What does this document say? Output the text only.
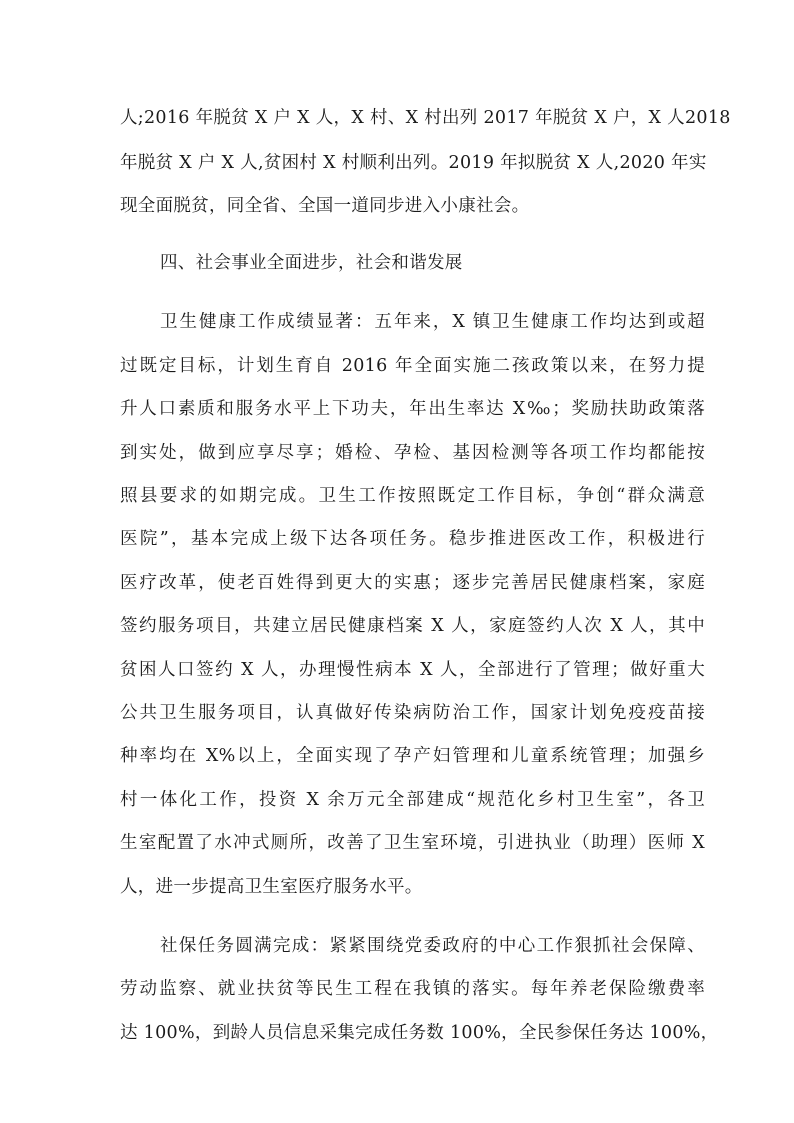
人;2016 年脱贫 X 户 X 人，X 村、X 村出列 2017 年脱贫 X 户，X 人2018
年脱贫 X 户 X 人,贫困村 X 村顺利出列。2019 年拟脱贫 X 人,2020 年实
现全面脱贫，同全省、全国一道同步进入小康社会。
四、社会事业全面进步，社会和谐发展
卫生健康工作成绩显著：五年来，X 镇卫生健康工作均达到或超
过既定目标，计划生育自 2016 年全面实施二孩政策以来，在努力提
升人口素质和服务水平上下功夫，年出生率达 X‰；奖励扶助政策落
到实处，做到应享尽享；婚检、孕检、基因检测等各项工作均都能按
照县要求的如期完成。卫生工作按照既定工作目标，争创“群众满意
医院”，基本完成上级下达各项任务。稳步推进医改工作，积极进行
医疗改革，使老百姓得到更大的实惠；逐步完善居民健康档案，家庭
签约服务项目，共建立居民健康档案 X 人，家庭签约人次 X 人，其中
贫困人口签约 X 人，办理慢性病本 X 人，全部进行了管理；做好重大
公共卫生服务项目，认真做好传染病防治工作，国家计划免疫疫苗接
种率均在 X%以上，全面实现了孕产妇管理和儿童系统管理；加强乡
村一体化工作，投资 X 余万元全部建成“规范化乡村卫生室”，各卫
生室配置了水冲式厕所，改善了卫生室环境，引进执业（助理）医师 X
人，进一步提高卫生室医疗服务水平。
社保任务圆满完成：紧紧围绕党委政府的中心工作狠抓社会保障、
劳动监察、就业扶贫等民生工程在我镇的落实。每年养老保险缴费率
达 100%，到龄人员信息采集完成任务数 100%，全民参保任务达 100%，
